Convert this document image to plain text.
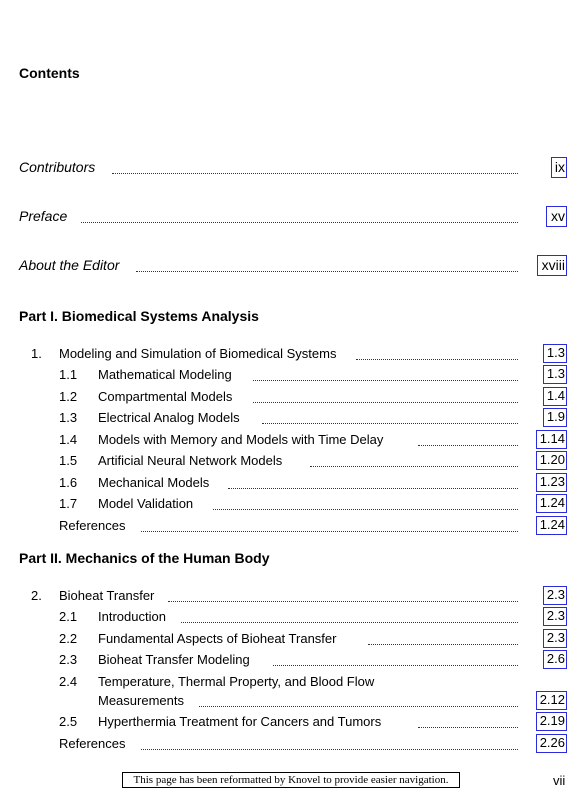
Contents
Contributors	ix
Preface	xv
About the Editor	xviii
Part I. Biomedical Systems Analysis
1. Modeling and Simulation of Biomedical Systems	1.3
1.1 Mathematical Modeling	1.3
1.2 Compartmental Models	1.4
1.3 Electrical Analog Models	1.9
1.4 Models with Memory and Models with Time Delay	1.14
1.5 Artificial Neural Network Models	1.20
1.6 Mechanical Models	1.23
1.7 Model Validation	1.24
References	1.24
Part II. Mechanics of the Human Body
2. Bioheat Transfer	2.3
2.1 Introduction	2.3
2.2 Fundamental Aspects of Bioheat Transfer	2.3
2.3 Bioheat Transfer Modeling	2.6
2.4 Temperature, Thermal Property, and Blood Flow
Measurements	2.12
2.5 Hyperthermia Treatment for Cancers and Tumors	2.19
References	2.26
This page has been reformatted by Knovel to provide easier navigation.	vii
